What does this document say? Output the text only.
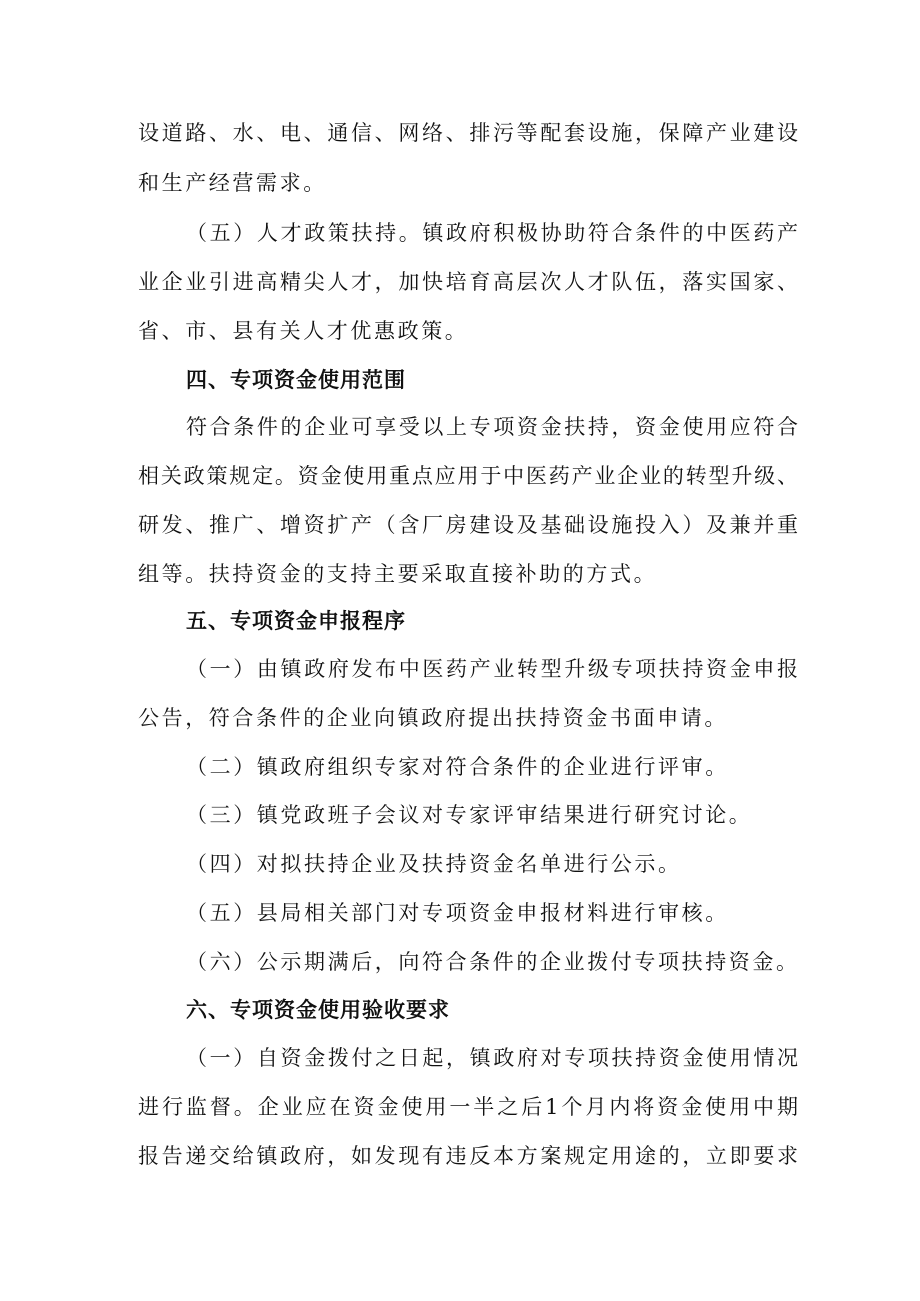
设道路、水、电、通信、网络、排污等配套设施，保障产业建设
和生产经营需求。
（五）人才政策扶持。镇政府积极协助符合条件的中医药产
业企业引进高精尖人才，加快培育高层次人才队伍，落实国家、
省、市、县有关人才优惠政策。
四、专项资金使用范围
符合条件的企业可享受以上专项资金扶持，资金使用应符合
相关政策规定。资金使用重点应用于中医药产业企业的转型升级、
研发、推广、增资扩产（含厂房建设及基础设施投入）及兼并重
组等。扶持资金的支持主要采取直接补助的方式。
五、专项资金申报程序
（一）由镇政府发布中医药产业转型升级专项扶持资金申报
公告，符合条件的企业向镇政府提出扶持资金书面申请。
（二）镇政府组织专家对符合条件的企业进行评审。
（三）镇党政班子会议对专家评审结果进行研究讨论。
（四）对拟扶持企业及扶持资金名单进行公示。
（五）县局相关部门对专项资金申报材料进行审核。
（六）公示期满后，向符合条件的企业拨付专项扶持资金。
六、专项资金使用验收要求
（一）自资金拨付之日起，镇政府对专项扶持资金使用情况
进行监督。企业应在资金使用一半之后1个月内将资金使用中期
报告递交给镇政府，如发现有违反本方案规定用途的，立即要求
